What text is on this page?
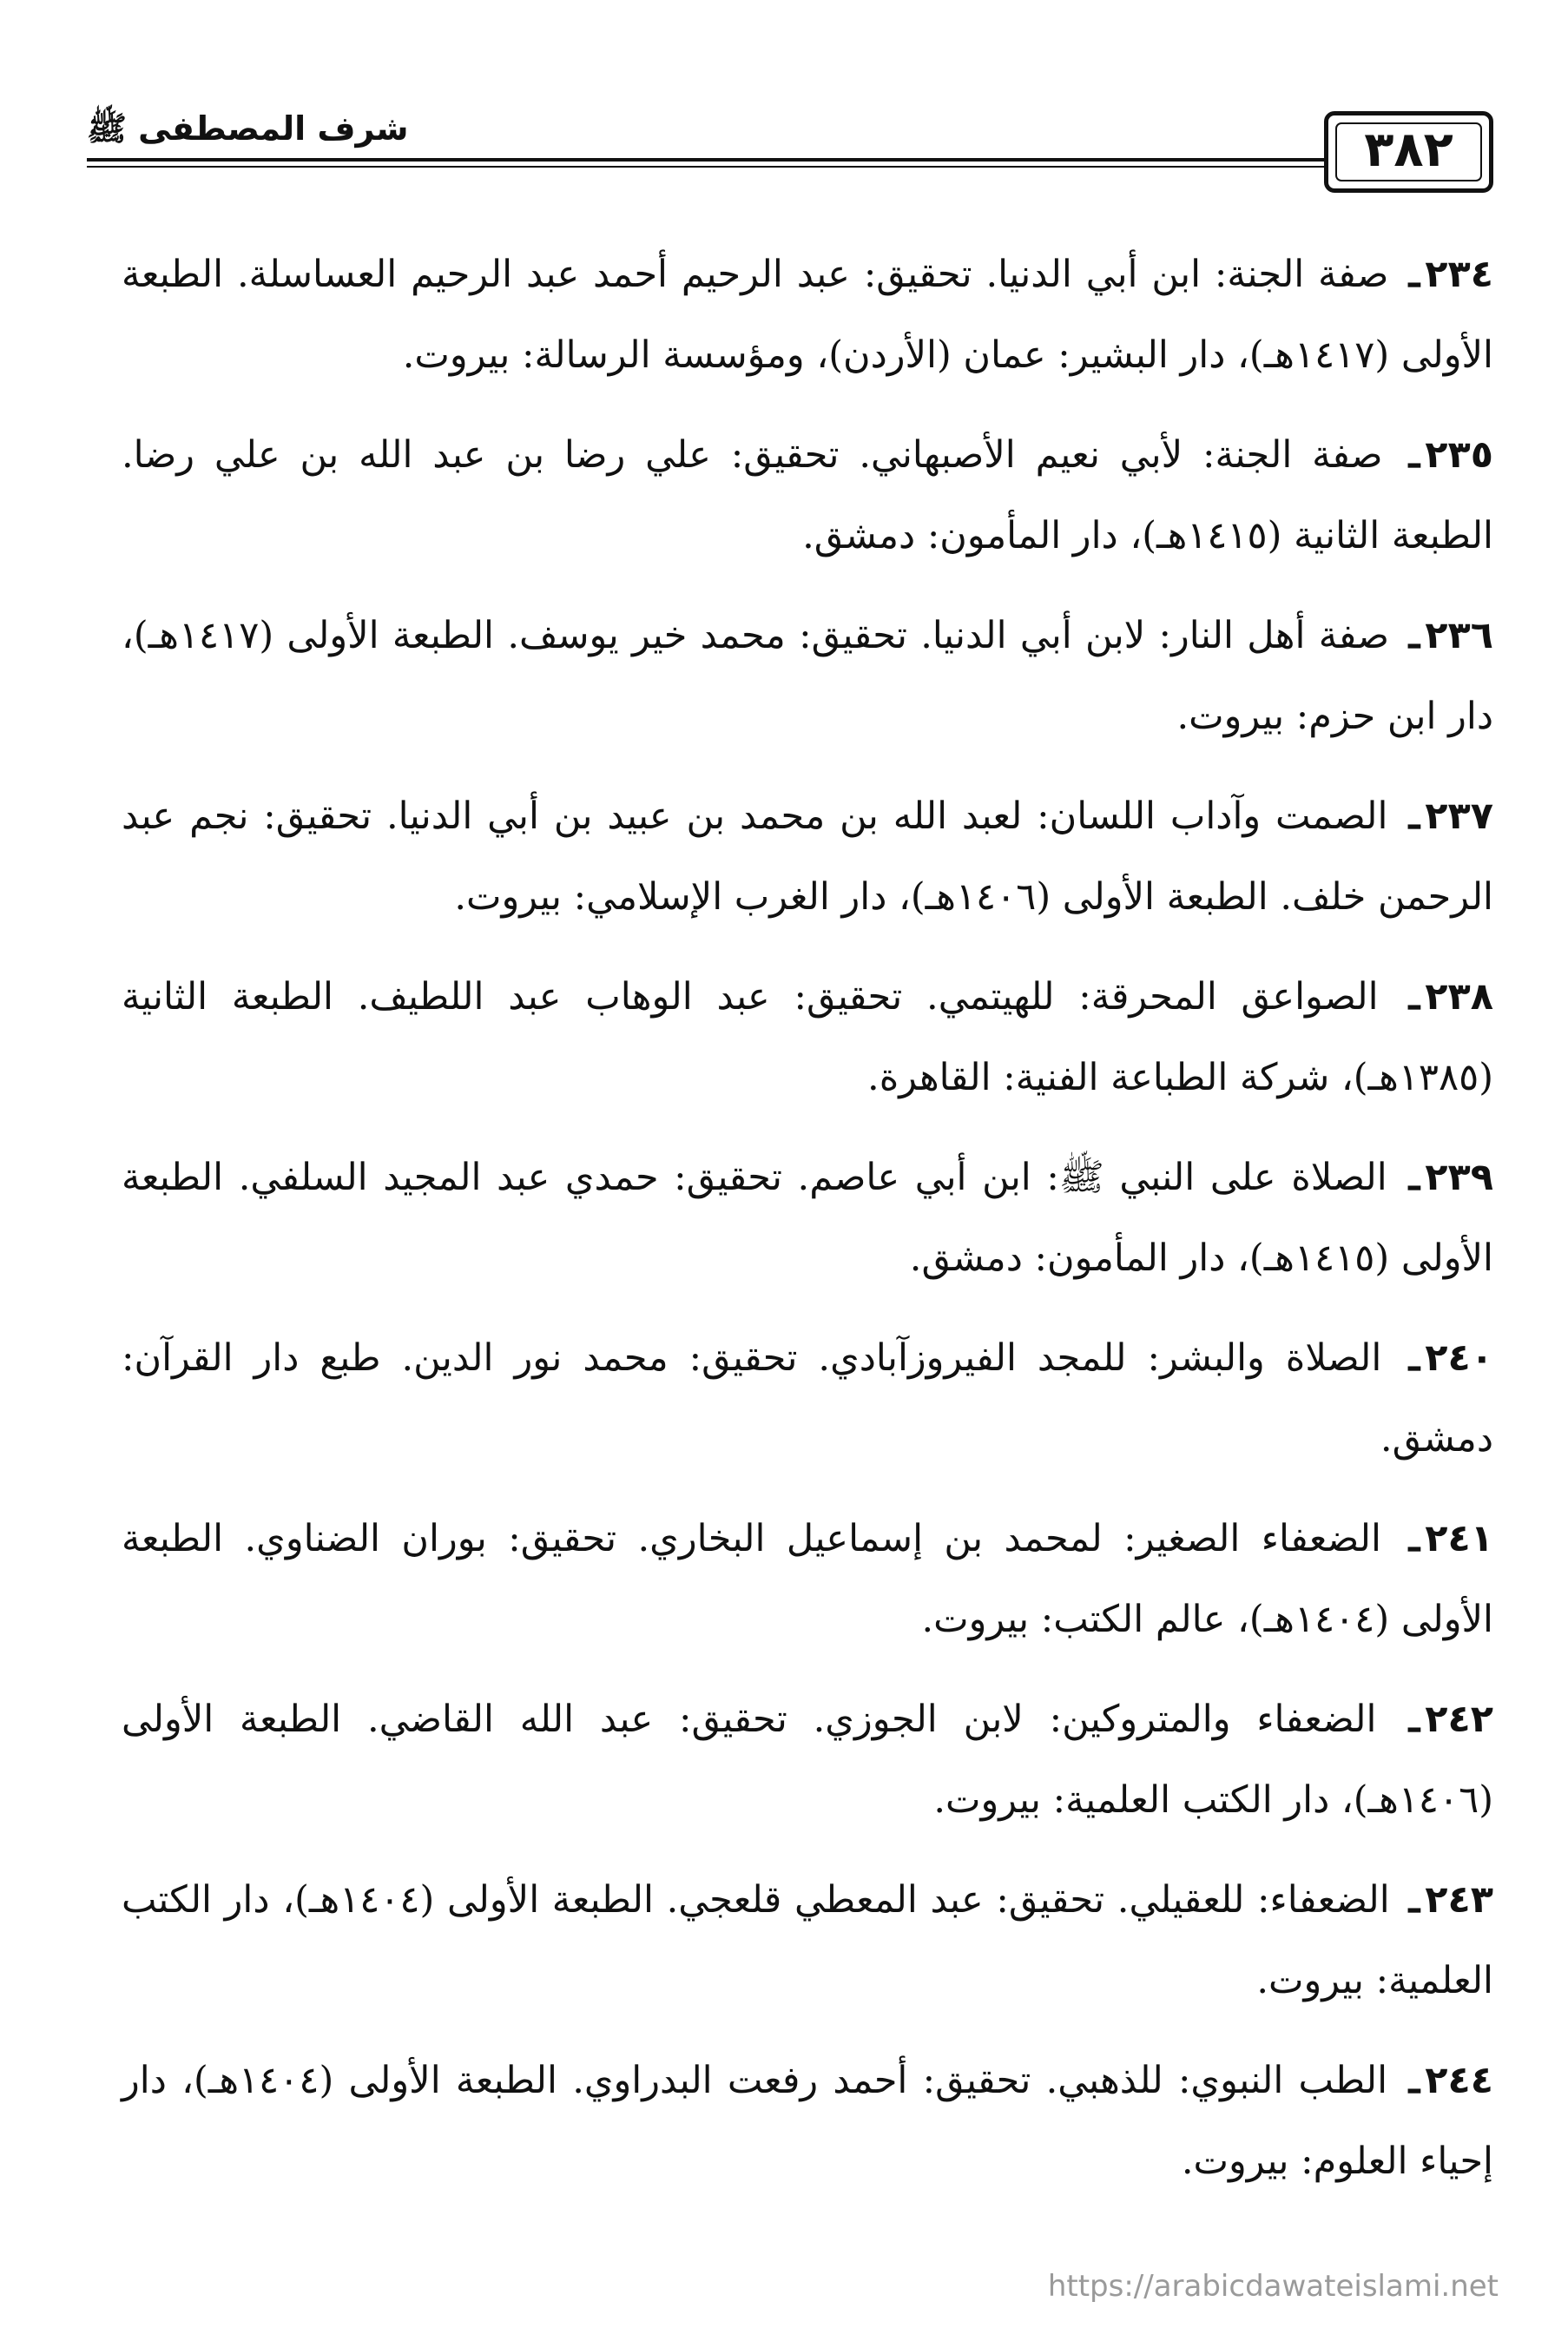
٣٨٢
شرف المصطفى ﷺ
٢٣٤ـ صفة الجنة: ابن أبي الدنيا. تحقيق: عبد الرحيم أحمد عبد الرحيم العساسلة. الطبعة الأولى (١٤١٧هـ)، دار البشير: عمان (الأردن)، ومؤسسة الرسالة: بيروت.
٢٣٥ـ صفة الجنة: لأبي نعيم الأصبهاني. تحقيق: علي رضا بن عبد الله بن علي رضا. الطبعة الثانية (١٤١٥هـ)، دار المأمون: دمشق.
٢٣٦ـ صفة أهل النار: لابن أبي الدنيا. تحقيق: محمد خير يوسف. الطبعة الأولى (١٤١٧هـ)، دار ابن حزم: بيروت.
٢٣٧ـ الصمت وآداب اللسان: لعبد الله بن محمد بن عبيد بن أبي الدنيا. تحقيق: نجم عبد الرحمن خلف. الطبعة الأولى (١٤٠٦هـ)، دار الغرب الإسلامي: بيروت.
٢٣٨ـ الصواعق المحرقة: للهيتمي. تحقيق: عبد الوهاب عبد اللطيف. الطبعة الثانية (١٣٨٥هـ)، شركة الطباعة الفنية: القاهرة.
٢٣٩ـ الصلاة على النبي ﷺ: ابن أبي عاصم. تحقيق: حمدي عبد المجيد السلفي. الطبعة الأولى (١٤١٥هـ)، دار المأمون: دمشق.
٢٤٠ـ الصلاة والبشر: للمجد الفيروزآبادي. تحقيق: محمد نور الدين. طبع دار القرآن: دمشق.
٢٤١ـ الضعفاء الصغير: لمحمد بن إسماعيل البخاري. تحقيق: بوران الضناوي. الطبعة الأولى (١٤٠٤هـ)، عالم الكتب: بيروت.
٢٤٢ـ الضعفاء والمتروكين: لابن الجوزي. تحقيق: عبد الله القاضي. الطبعة الأولى (١٤٠٦هـ)، دار الكتب العلمية: بيروت.
٢٤٣ـ الضعفاء: للعقيلي. تحقيق: عبد المعطي قلعجي. الطبعة الأولى (١٤٠٤هـ)، دار الكتب العلمية: بيروت.
٢٤٤ـ الطب النبوي: للذهبي. تحقيق: أحمد رفعت البدراوي. الطبعة الأولى (١٤٠٤هـ)، دار إحياء العلوم: بيروت.
https://arabicdawateislami.net
